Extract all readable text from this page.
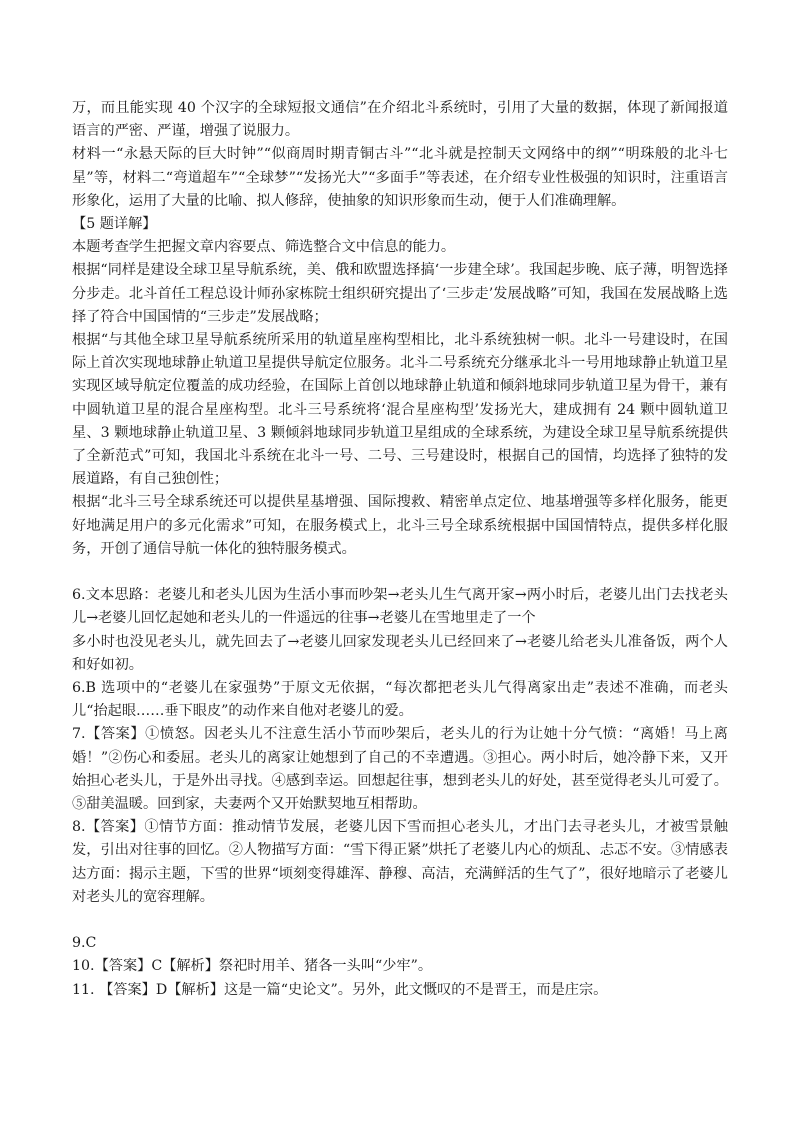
万，而且能实现 40 个汉字的全球短报文通信”在介绍北斗系统时，引用了大量的数据，体现了新闻报道语言的严密、严谨，增强了说服力。

材料一“永悬天际的巨大时钟”“似商周时期青铜古斗”“北斗就是控制天文网络中的纲”“明珠般的北斗七星”等，材料二“弯道超车”“全球梦”“发扬光大”“多面手”等表述，在介绍专业性极强的知识时，注重语言形象化，运用了大量的比喻、拟人修辞，使抽象的知识形象而生动，便于人们准确理解。

【5 题详解】

本题考查学生把握文章内容要点、筛选整合文中信息的能力。

根据“同样是建设全球卫星导航系统，美、俄和欧盟选择搞‘一步建全球’。我国起步晚、底子薄，明智选择分步走。北斗首任工程总设计师孙家栋院士组织研究提出了‘三步走’发展战略”可知，我国在发展战略上选择了符合中国国情的“三步走”发展战略；

根据“与其他全球卫星导航系统所采用的轨道星座构型相比，北斗系统独树一帜。北斗一号建设时，在国际上首次实现地球静止轨道卫星提供导航定位服务。北斗二号系统充分继承北斗一号用地球静止轨道卫星实现区域导航定位覆盖的成功经验，在国际上首创以地球静止轨道和倾斜地球同步轨道卫星为骨干，兼有中圆轨道卫星的混合星座构型。北斗三号系统将‘混合星座构型’发扬光大，建成拥有 24 颗中圆轨道卫星、3 颗地球静止轨道卫星、3 颗倾斜地球同步轨道卫星组成的全球系统，为建设全球卫星导航系统提供了全新范式”可知，我国北斗系统在北斗一号、二号、三号建设时，根据自己的国情，均选择了独特的发展道路，有自己独创性；

根据“北斗三号全球系统还可以提供星基增强、国际搜救、精密单点定位、地基增强等多样化服务，能更好地满足用户的多元化需求”可知，在服务模式上，北斗三号全球系统根据中国国情特点，提供多样化服务，开创了通信导航一体化的独特服务模式。

6.文本思路：老婆儿和老头儿因为生活小事而吵架→老头儿生气离开家→两小时后，老婆儿出门去找老头儿→老婆儿回忆起她和老头儿的一件遥远的往事→老婆儿在雪地里走了一个

多小时也没见老头儿，就先回去了→老婆儿回家发现老头儿已经回来了→老婆儿给老头儿准备饭，两个人和好如初。

6.B 选项中的“老婆儿在家强势”于原文无依据，“每次都把老头儿气得离家出走”表述不准确，而老头儿“抬起眼……垂下眼皮”的动作来自他对老婆儿的爱。

7.【答案】①愤怒。因老头儿不注意生活小节而吵架后，老头儿的行为让她十分气愤：“离婚！马上离婚！”②伤心和委屈。老头儿的离家让她想到了自己的不幸遭遇。③担心。两小时后，她冷静下来，又开始担心老头儿，于是外出寻找。④感到幸运。回想起往事，想到老头儿的好处，甚至觉得老头儿可爱了。⑤甜美温暖。回到家，夫妻两个又开始默契地互相帮助。

8.【答案】①情节方面：推动情节发展，老婆儿因下雪而担心老头儿，才出门去寻老头儿，才被雪景触发，引出对往事的回忆。②人物描写方面：“雪下得正紧”烘托了老婆儿内心的烦乱、忐忑不安。③情感表达方面：揭示主题，下雪的世界“顷刻变得雄浑、静穆、高洁，充满鲜活的生气了”，很好地暗示了老婆儿对老头儿的宽容理解。

9.C

10.【答案】C【解析】祭祀时用羊、猪各一头叫“少牢”。

11. 【答案】D【解析】这是一篇“史论文”。另外，此文慨叹的不是晋王，而是庄宗。
